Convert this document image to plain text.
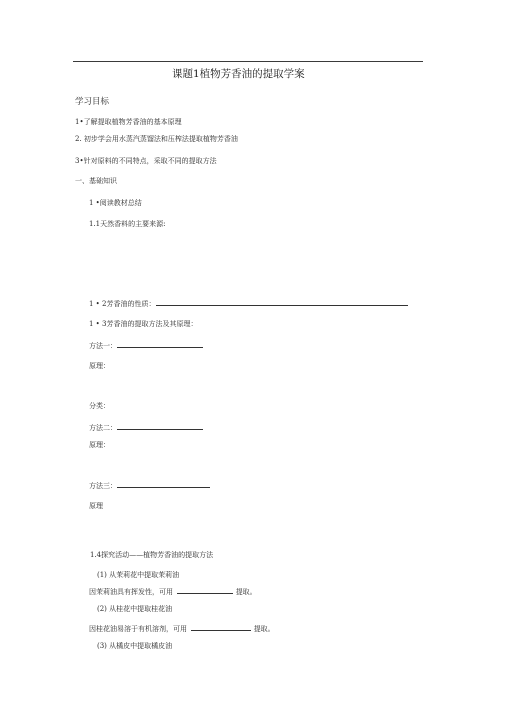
课题1植物芳香油的提取学案
学习目标
1•了解提取植物芳香油的基本原理
2. 初步学会用水蒸汽蒸馏法和压榨法提取植物芳香油
3•针对原料的不同特点，采取不同的提取方法
一、基础知识
1 •阅读教材总结
1.1天然香料的主要来源:
1 • 2芳香油的性质：
1 • 3芳香油的提取方法及其原理：
方法一：
原理：
分类：
方法二：
原理：
方法三：
原理
1.4探究活动——植物芳香油的提取方法
(1) 从茉莉花中提取茉莉油
因茉莉油具有挥发性，可用	提取。
(2) 从桂花中提取桂花油
因桂花油易溶于有机溶剂，可用	提取。
(3) 从橘皮中提取橘皮油
